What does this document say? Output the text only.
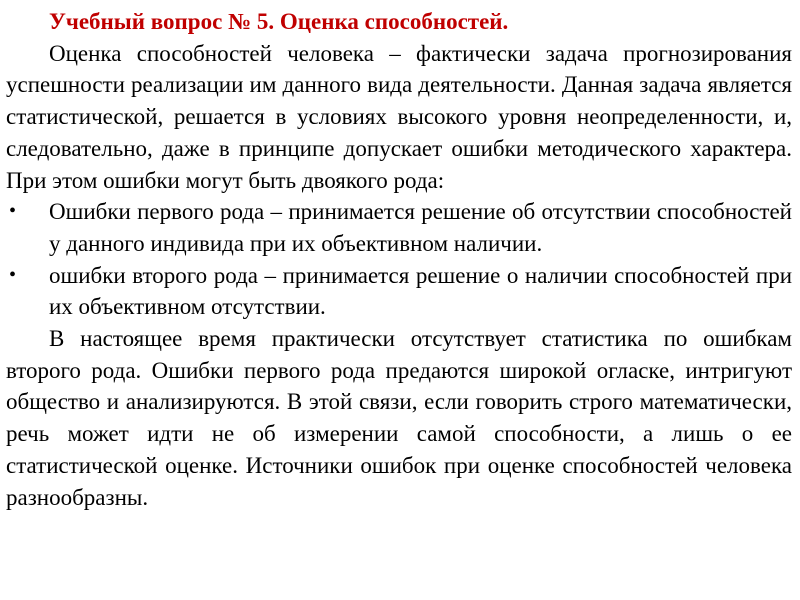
Учебный вопрос № 5. Оценка способностей.

Оценка способностей человека – фактически задача прогнозирования успешности реализации им данного вида деятельности. Данная задача является статистической, решается в условиях высокого уровня неопределенности, и, следовательно, даже в принципе допускает ошибки методического характера. При этом ошибки могут быть двоякого рода:

• Ошибки первого рода – принимается решение об отсутствии способностей у данного индивида при их объективном наличии.
• ошибки второго рода – принимается решение о наличии способностей при их объективном отсутствии.

В настоящее время практически отсутствует статистика по ошибкам второго рода. Ошибки первого рода предаются широкой огласке, интригуют общество и анализируются. В этой связи, если говорить строго математически, речь может идти не об измерении самой способности, а лишь о ее статистической оценке. Источники ошибок при оценке способностей человека разнообразны.
